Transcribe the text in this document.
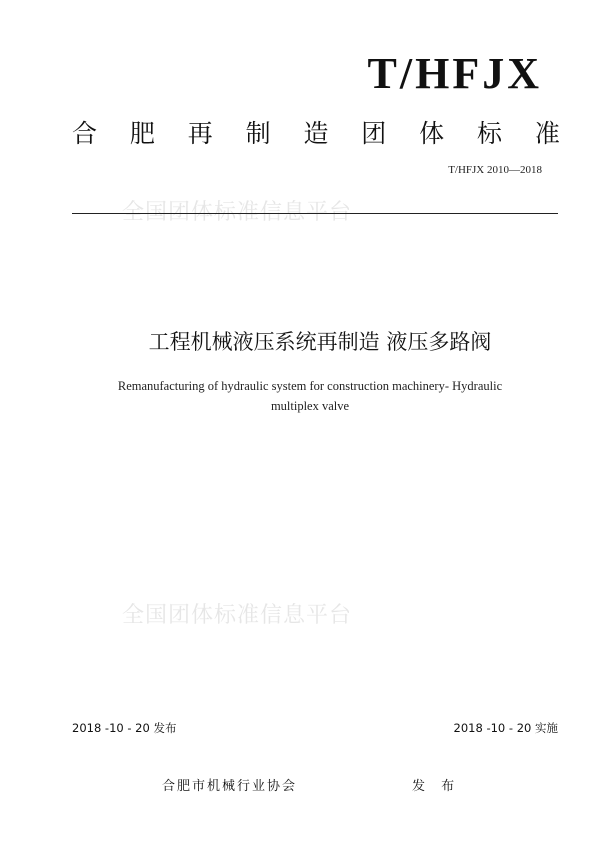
T/HFJX
合 肥 再 制 造 团 体 标 准
T/HFJX 2010—2018
全国团体标准信息平台
工程机械液压系统再制造 液压多路阀
Remanufacturing of hydraulic system for construction machinery- Hydraulic
multiplex valve
全国团体标准信息平台
2018 -10 - 20 发布	2018 -10 - 20 实施
合肥市机械行业协会	发 布
